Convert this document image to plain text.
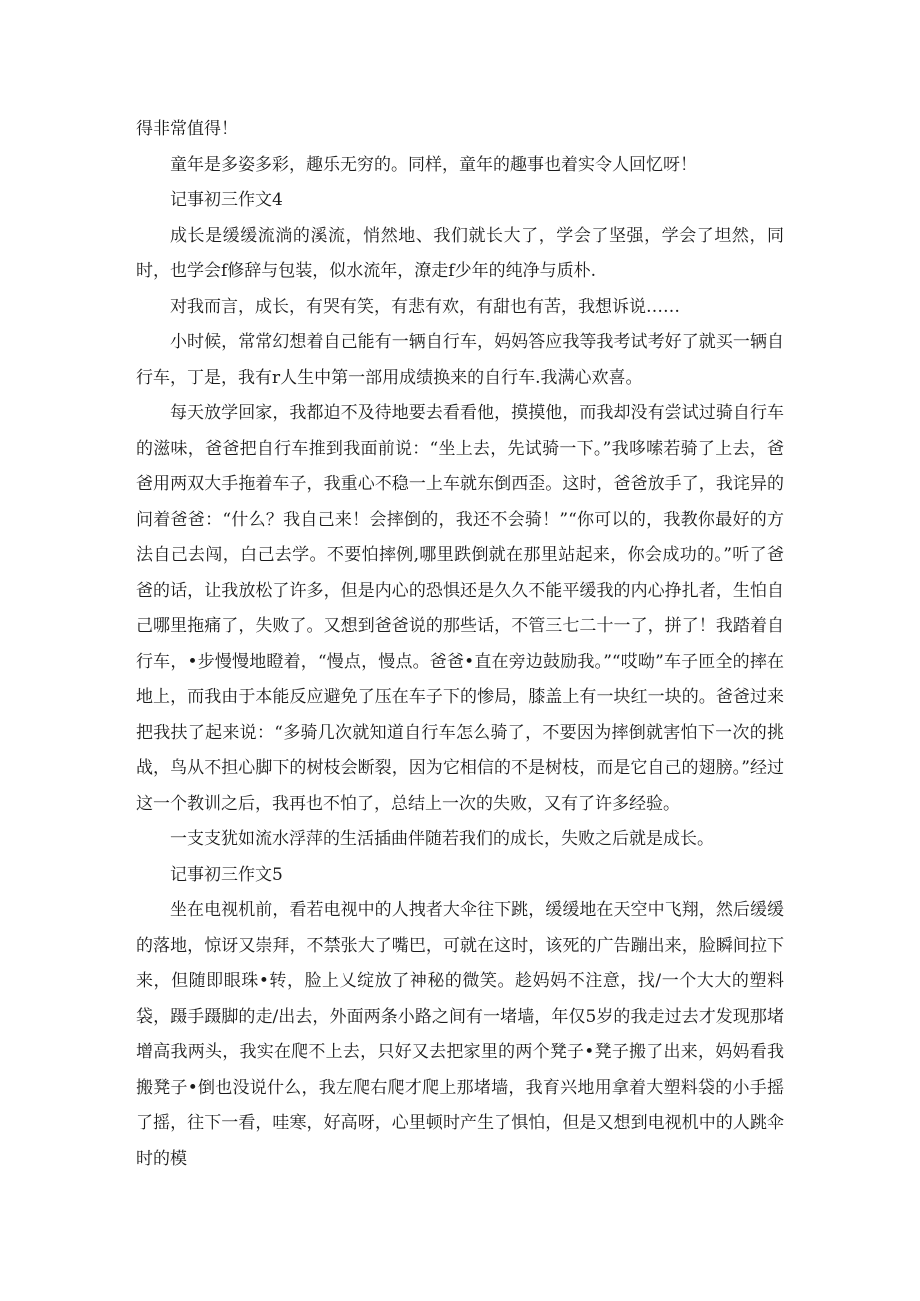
得非常值得！

童年是多姿多彩，趣乐无穷的。同样，童年的趣事也着实令人回忆呀！

记事初三作文4

成长是缓缓流淌的溪流，悄然地、我们就长大了，学会了坚强，学会了坦然，同时，也学会f修辞与包装，似水流年，潦走f少年的纯净与质朴.

对我而言，成长，有哭有笑，有悲有欢，有甜也有苦，我想诉说……

小时候，常常幻想着自己能有一辆自行车，妈妈答应我等我考试考好了就买一辆自行车，丁是，我有r人生中第一部用成绩换来的自行车.我满心欢喜。

每天放学回家，我都迫不及待地要去看看他，摸摸他，而我却没有尝试过骑自行车的滋味，爸爸把自行车推到我面前说：“坐上去，先试骑一下。”我哆嗦若骑了上去，爸爸用两双大手拖着车子，我重心不稳一上车就东倒西歪。这时，爸爸放手了，我诧异的问着爸爸：“什么？我自己来！会摔倒的，我还不会骑！”“你可以的，我教你最好的方法自己去闯，白己去学。不要怕摔例,哪里跌倒就在那里站起来，你会成功的。”听了爸爸的话，让我放松了许多，但是内心的恐惧还是久久不能平缓我的内心挣扎者，生怕自己哪里拖痛了，失败了。又想到爸爸说的那些话，不管三七二十一了，拼了！我踏着自行车，•步慢慢地瞪着，“慢点，慢点。爸爸•直在旁边鼓励我。”“哎呦”车子匝全的摔在地上，而我由于本能反应避免了压在车子下的惨局，膝盖上有一块红一块的。爸爸过来把我扶了起来说：“多骑几次就知道自行车怎么骑了，不要因为摔倒就害怕下一次的挑战，鸟从不担心脚下的树枝会断裂，因为它相信的不是树枝，而是它自己的翅膀。”经过这一个教训之后，我再也不怕了，总结上一次的失败，又有了许多经验。

一支支犹如流水浮萍的生活插曲伴随若我们的成长，失败之后就是成长。

记事初三作文5

坐在电视机前，看若电视中的人拽者大伞往下跳，缓缓地在天空中飞翔，然后缓缓的落地，惊讶又崇拜，不禁张大了嘴巴，可就在这时，该死的广告蹦出来，脸瞬间拉下来，但随即眼珠•转，脸上乂绽放了神秘的微笑。趁妈妈不注意，找/一个大大的塑料袋，蹑手蹑脚的走/出去，外面两条小路之间有一堵墙，年仅5岁的我走过去才发现那堵增高我两头，我实在爬不上去，只好又去把家里的两个凳子•凳子搬了出来，妈妈看我搬凳子•倒也没说什么，我左爬右爬才爬上那堵墙，我育兴地用拿着大塑料袋的小手摇了摇，往下一看，哇寒，好高呀，心里顿时产生了惧怕，但是又想到电视机中的人跳伞时的模
